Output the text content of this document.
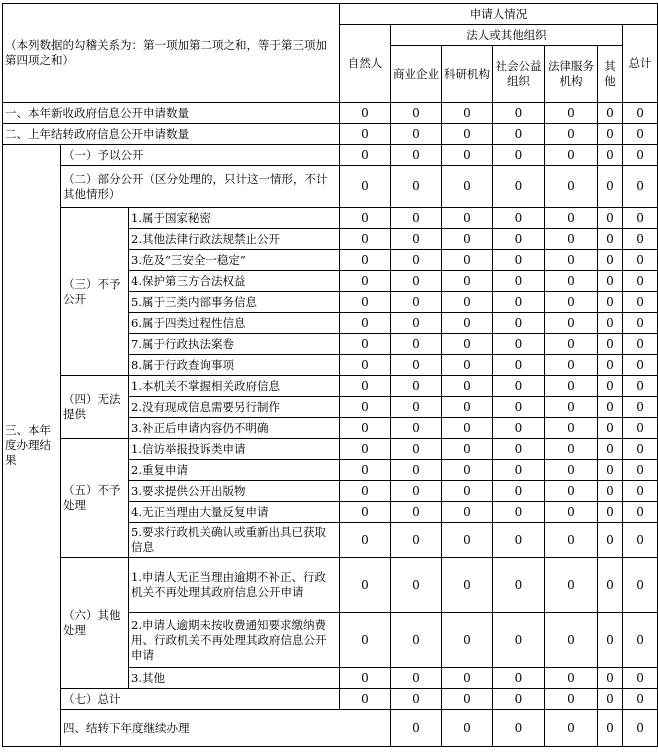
（本列数据的勾稽关系为：第一项加第二项之和，等于第三项加第四项之和）			申请人情况							
			自然人	法人或其他组织					总计	
				商业企业	科研机构	社会公益组织	法律服务机构	其他		
一、本年新收政府信息公开申请数量			0	0	0	0	0	0	0	
二、上年结转政府信息公开申请数量			0	0	0	0	0	0	0	
三、本年度办理结果	（一）予以公开		0	0	0	0	0	0	0	
	（二）部分公开（区分处理的，只计这一情形，不计其他情形）		0	0	0	0	0	0	0	
	（三）不予公开	1.属于国家秘密	0	0	0	0	0	0	0	
		2.其他法律行政法规禁止公开	0	0	0	0	0	0	0	
		3.危及“三安全一稳定”	0	0	0	0	0	0	0	
		4.保护第三方合法权益	0	0	0	0	0	0	0	
		5.属于三类内部事务信息	0	0	0	0	0	0	0	
		6.属于四类过程性信息	0	0	0	0	0	0	0	
		7.属于行政执法案卷	0	0	0	0	0	0	0	
		8.属于行政查询事项	0	0	0	0	0	0	0	
	（四）无法提供	1.本机关不掌握相关政府信息	0	0	0	0	0	0	0	
		2.没有现成信息需要另行制作	0	0	0	0	0	0	0	
		3.补正后申请内容仍不明确	0	0	0	0	0	0	0	
	（五）不予处理	1.信访举报投诉类申请	0	0	0	0	0	0	0	
		2.重复申请	0	0	0	0	0	0	0	
		3.要求提供公开出版物	0	0	0	0	0	0	0	
		4.无正当理由大量反复申请	0	0	0	0	0	0	0	
		5.要求行政机关确认或重新出具已获取信息	0	0	0	0	0	0	0	
	（六）其他处理	1.申请人无正当理由逾期不补正、行政机关不再处理其政府信息公开申请	0	0	0	0	0	0	0	
		2.申请人逾期未按收费通知要求缴纳费用、行政机关不再处理其政府信息公开申请	0	0	0	0	0	0	0	
		3.其他	0	0	0	0	0	0	0	
	（七）总计		0	0	0	0	0	0	0	
	四、结转下年度继续办理			0	0	0	0	0	0	
